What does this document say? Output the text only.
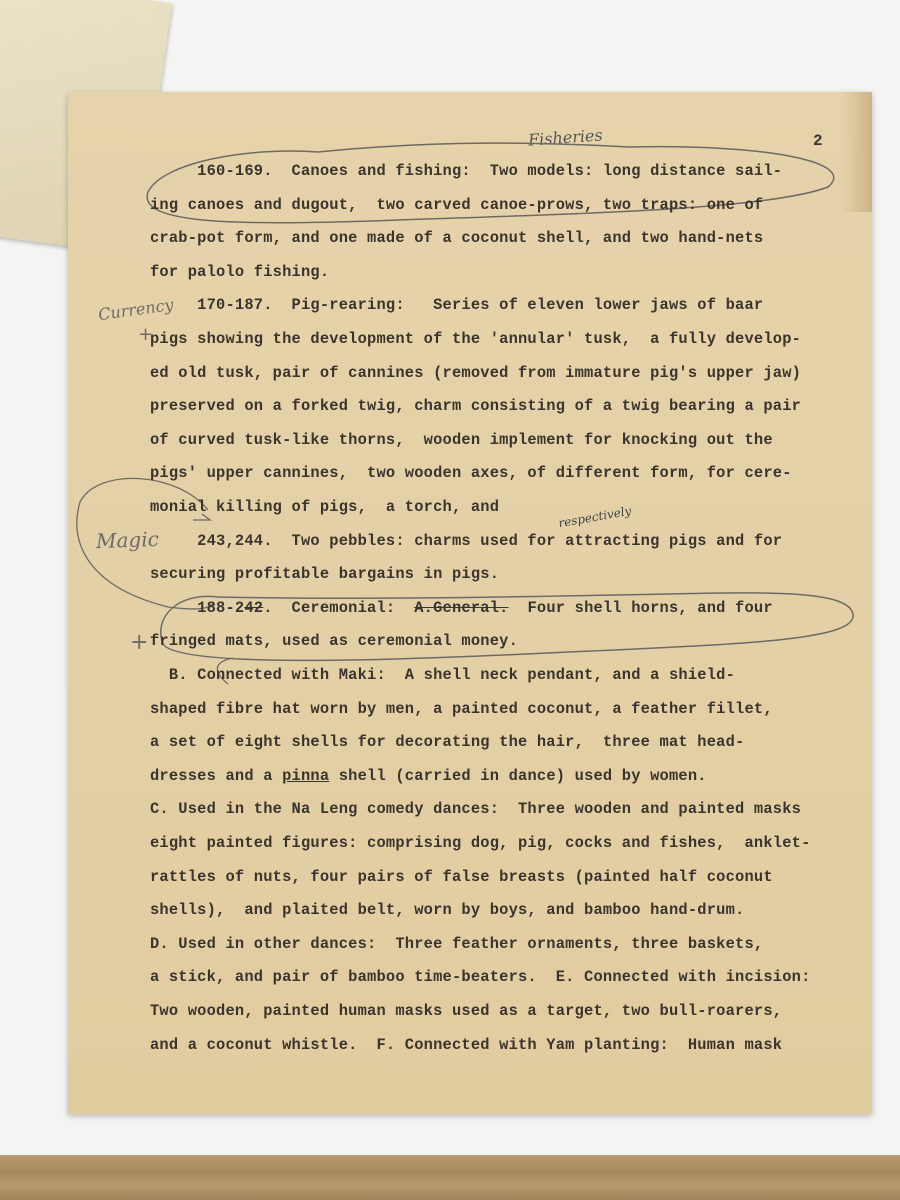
2
Fisheries
Currency
Magic
respectively
+
+
160-169.  Canoes and fishing:  Two models: long distance sail-
ing canoes and dugout,  two carved canoe-prows, two traps: one of
crab-pot form, and one made of a coconut shell, and two hand-nets
for palolo fishing.
170-187.  Pig-rearing:   Series of eleven lower jaws of baar
pigs showing the development of the 'annular' tusk,  a fully develop-
ed old tusk, pair of cannines (removed from immature pig's upper jaw)
preserved on a forked twig, charm consisting of a twig bearing a pair
of curved tusk-like thorns,  wooden implement for knocking out the
pigs' upper cannines,  two wooden axes, of different form, for cere-
monial killing of pigs,  a torch, and
243,244.  Two pebbles: charms used for attracting pigs and for
securing profitable bargains in pigs.
188-242.  Ceremonial:  A.General.  Four shell horns, and four
fringed mats, used as ceremonial money.
B. Connected with Maki:  A shell neck pendant, and a shield-
shaped fibre hat worn by men, a painted coconut, a feather fillet,
a set of eight shells for decorating the hair,  three mat head-
dresses and a pinna shell (carried in dance) used by women.
C. Used in the Na Leng comedy dances:  Three wooden and painted masks
eight painted figures: comprising dog, pig, cocks and fishes,  anklet-
rattles of nuts, four pairs of false breasts (painted half coconut
shells),  and plaited belt, worn by boys, and bamboo hand-drum.
D. Used in other dances:  Three feather ornaments, three baskets,
a stick, and pair of bamboo time-beaters.  E. Connected with incision:
Two wooden, painted human masks used as a target, two bull-roarers,
and a coconut whistle.  F. Connected with Yam planting:  Human mask
